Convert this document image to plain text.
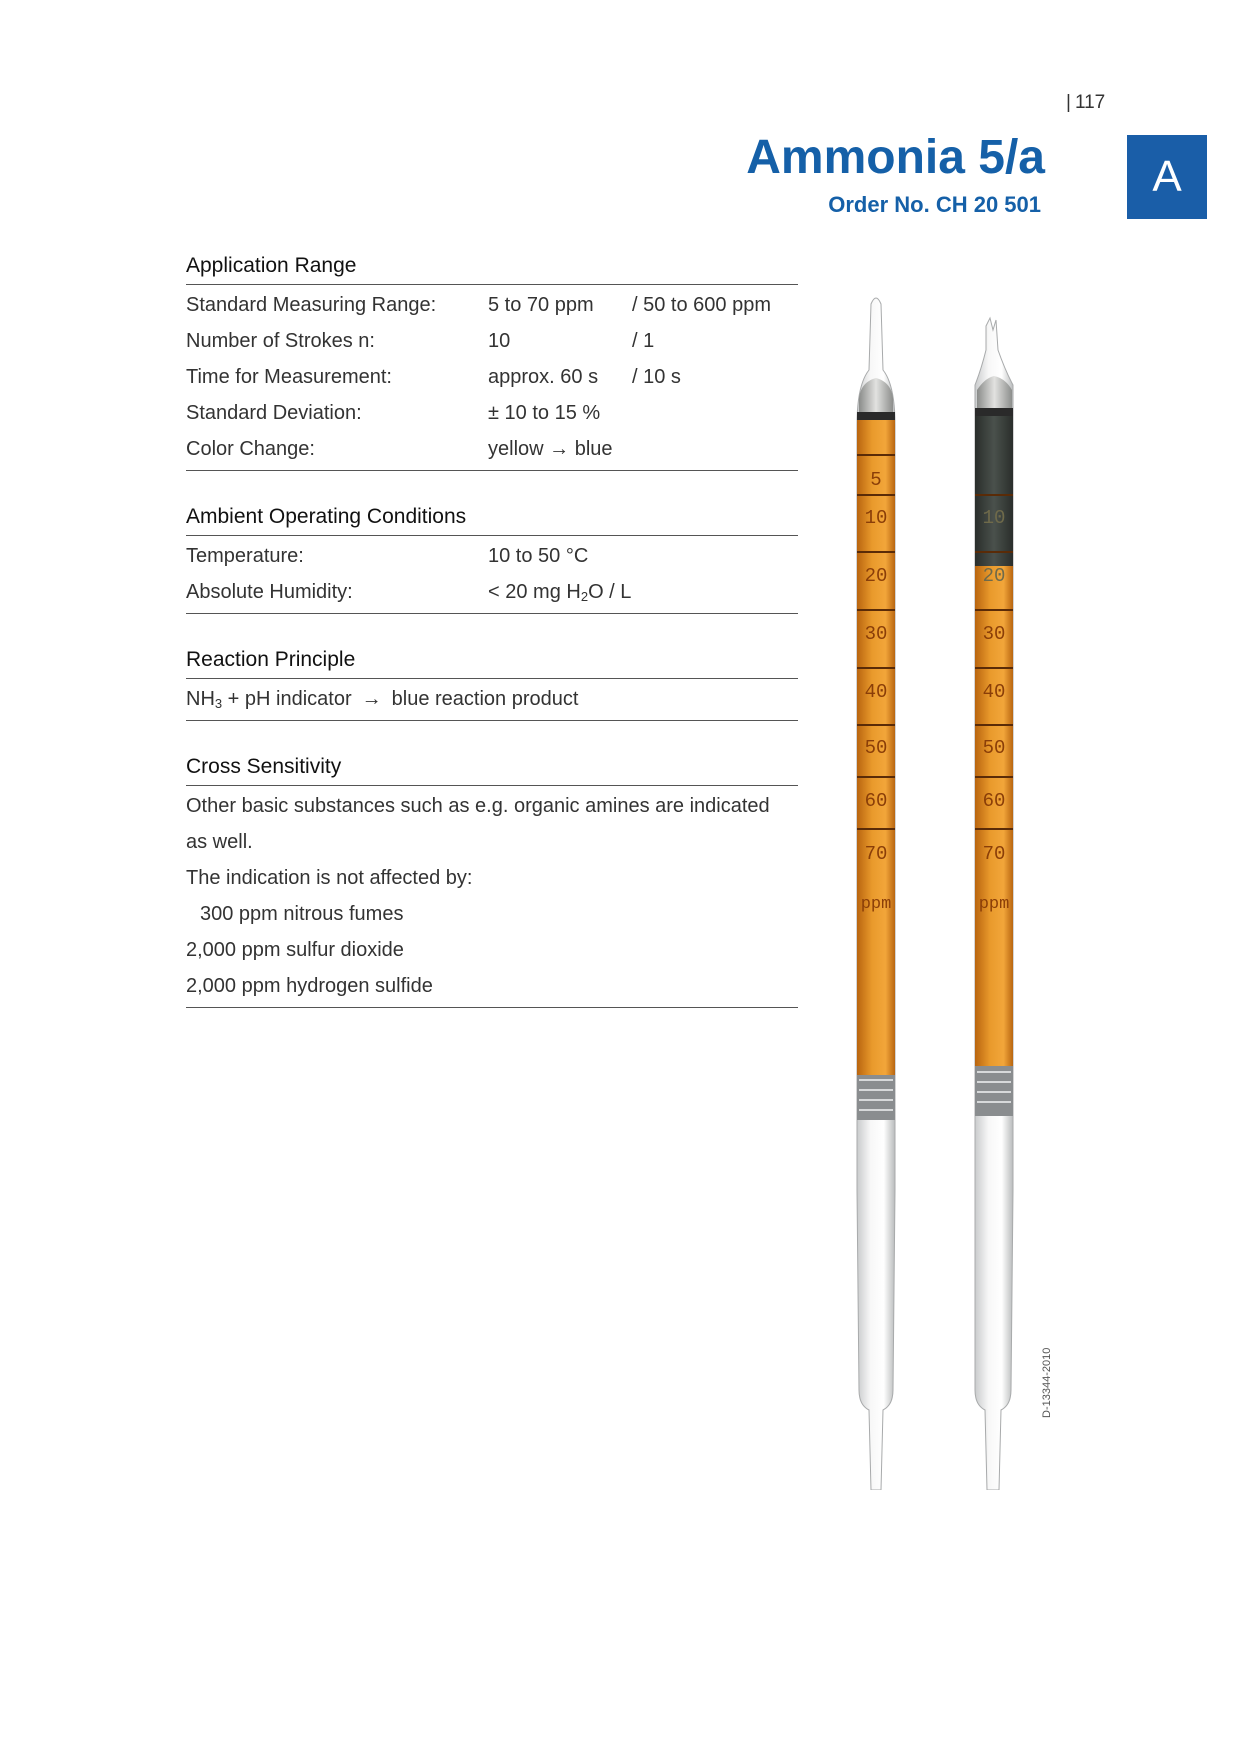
| 117
Ammonia 5/a
Order No. CH 20 501
A
Application Range
Standard Measuring Range:	5 to 70 ppm	/ 50 to 600 ppm
Number of Strokes n:	10	/ 1
Time for Measurement:	approx. 60 s	/ 10 s
Standard Deviation:	± 10 to 15 %
Color Change:	yellow → blue
Ambient Operating Conditions
Temperature:	10 to 50 °C
Absolute Humidity:	< 20 mg $H_2O$ / L
Reaction Principle
$NH_3$ + pH indicator → blue reaction product
Cross Sensitivity
Other basic substances such as e.g. organic amines are indicated
as well.
The indication is not affected by:
300 ppm nitrous fumes
2,000 ppm sulfur dioxide
2,000 ppm hydrogen sulfide
5
10
20
30
40
50
60
70
ppm
10
20
30
40
50
60
70
ppm
D-13344-2010
